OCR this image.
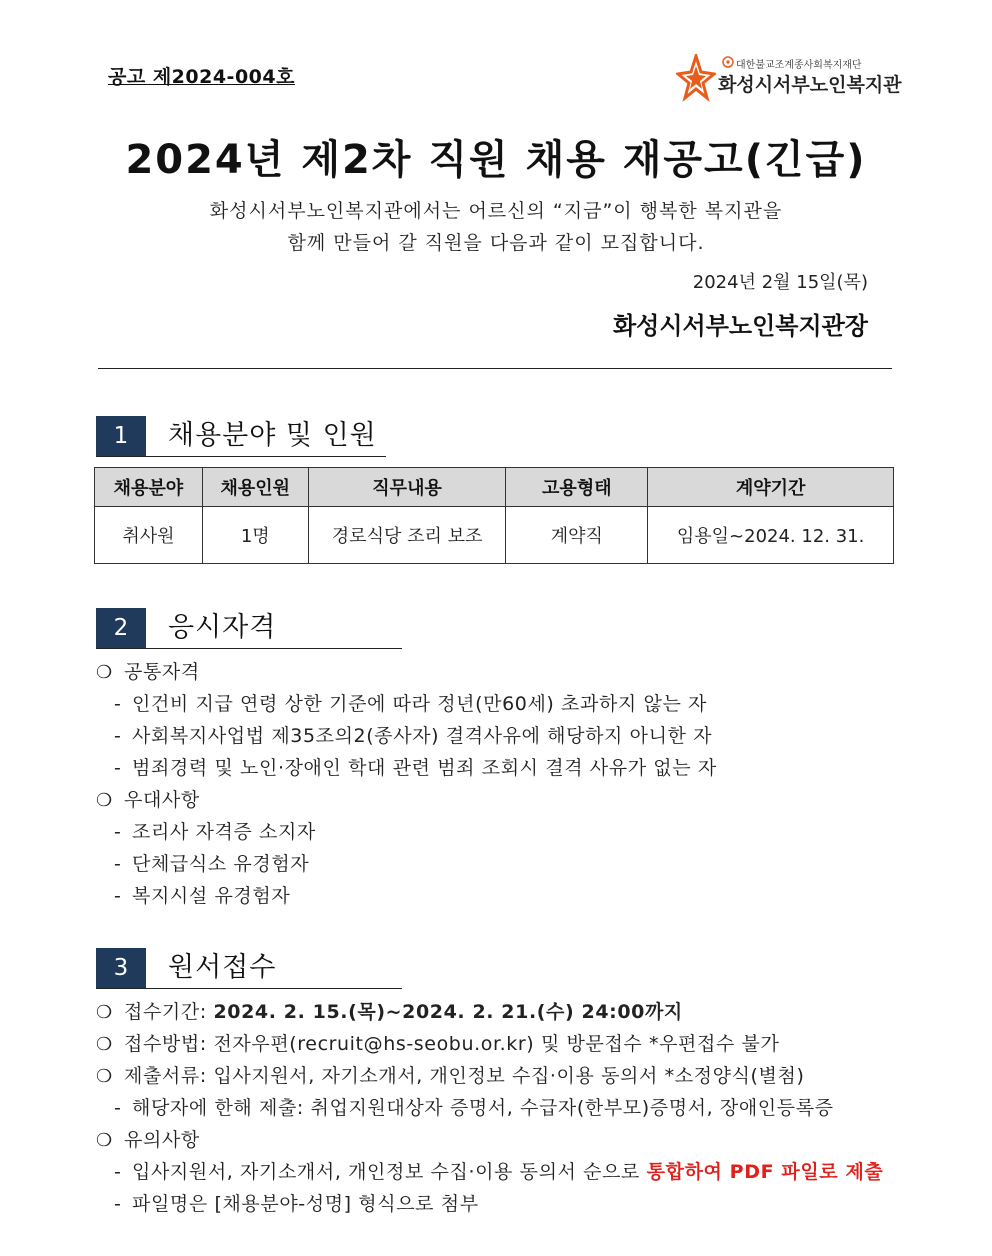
공고 제2024-004호
대한불교조계종사회복지재단
화성시서부노인복지관
2024년 제2차 직원 채용 재공고(긴급)
화성시서부노인복지관에서는 어르신의 “지금”이 행복한 복지관을
함께 만들어 갈 직원을 다음과 같이 모집합니다.
2024년 2월 15일(목)
화성시서부노인복지관장
1	채용분야 및 인원
채용분야	채용인원	직무내용	고용형태	계약기간
취사원	1명	경로식당 조리 보조	계약직	임용일~2024. 12. 31.
2	응시자격
❍ 공통자격
- 인건비 지급 연령 상한 기준에 따라 정년(만60세) 초과하지 않는 자
- 사회복지사업법 제35조의2(종사자) 결격사유에 해당하지 아니한 자
- 범죄경력 및 노인·장애인 학대 관련 범죄 조회시 결격 사유가 없는 자
❍ 우대사항
- 조리사 자격증 소지자
- 단체급식소 유경험자
- 복지시설 유경험자
3	원서접수
❍ 접수기간: 2024. 2. 15.(목)~2024. 2. 21.(수) 24:00까지
❍ 접수방법: 전자우편(recruit@hs-seobu.or.kr) 및 방문접수 *우편접수 불가
❍ 제출서류: 입사지원서, 자기소개서, 개인정보 수집·이용 동의서 *소정양식(별첨)
- 해당자에 한해 제출: 취업지원대상자 증명서, 수급자(한부모)증명서, 장애인등록증
❍ 유의사항
- 입사지원서, 자기소개서, 개인정보 수집·이용 동의서 순으로 통합하여 PDF 파일로 제출
- 파일명은 [채용분야-성명] 형식으로 첨부
